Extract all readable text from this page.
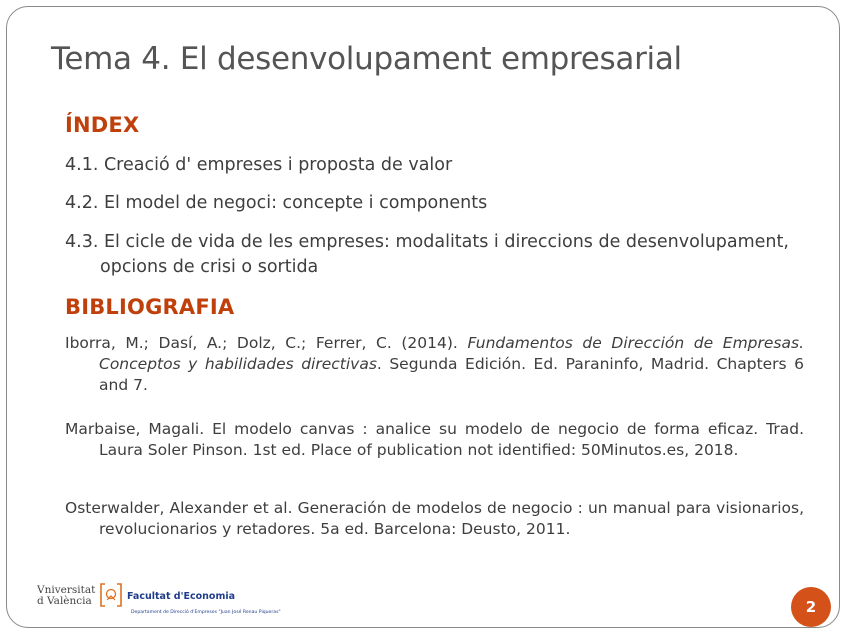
Tema 4. El desenvolupament empresarial
ÍNDEX
4.1. Creació d' empreses i proposta de valor
4.2. El model de negoci: concepte i components
4.3. El cicle de vida de les empreses: modalitats i direccions de desenvolupament, opcions de crisi o sortida
BIBLIOGRAFIA
Iborra, M.; Dasí, A.; Dolz, C.; Ferrer, C. (2014). Fundamentos de Dirección de Empresas. Conceptos y habilidades directivas. Segunda Edición. Ed. Paraninfo, Madrid. Chapters 6 and 7.
Marbaise, Magali. El modelo canvas : analice su modelo de negocio de forma eficaz. Trad. Laura Soler Pinson. 1st ed. Place of publication not identified: 50Minutos.es, 2018.
Osterwalder, Alexander et al. Generación de modelos de negocio : un manual para visionarios, revolucionarios y retadores. 5a ed. Barcelona: Deusto, 2011.
Vniversitat
d València	Facultat d'Economia
Departament de Direcció d'Empreses "Juan José Renau Piqueras"	2
